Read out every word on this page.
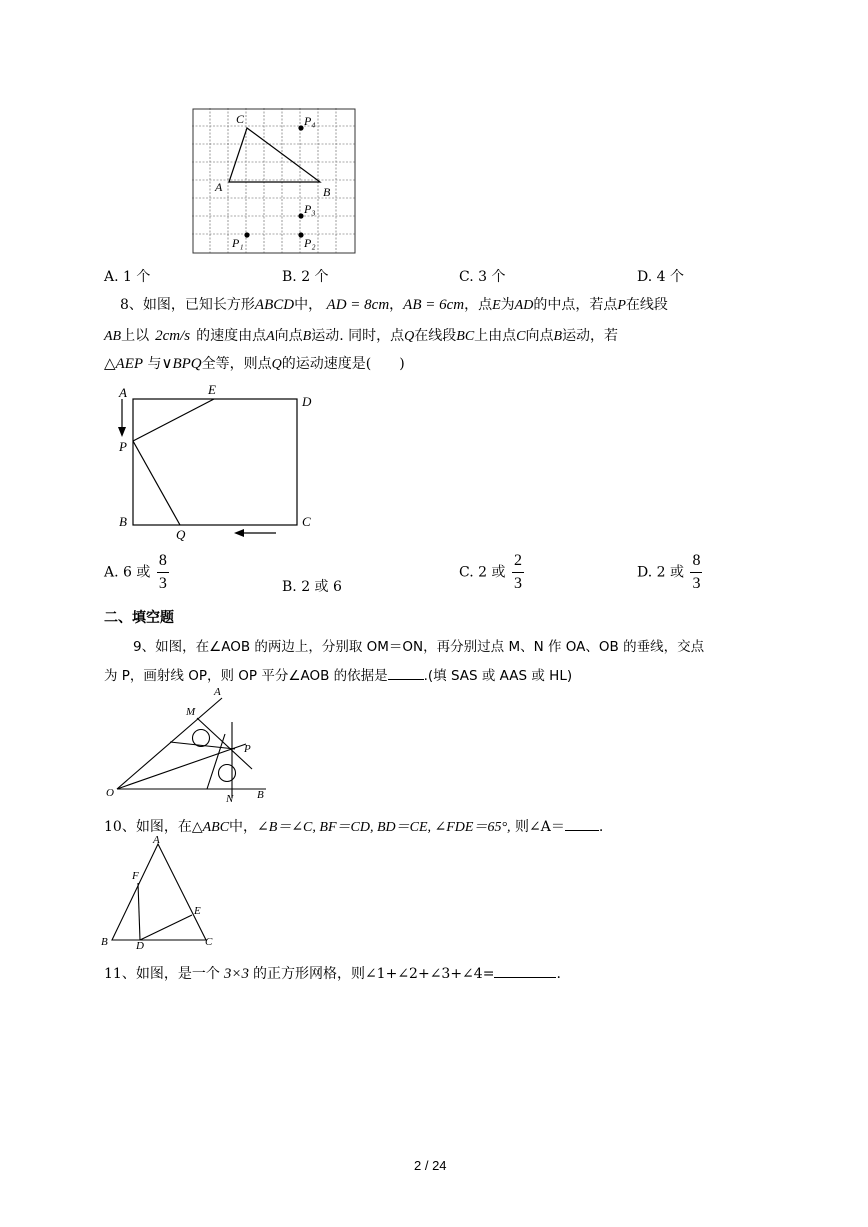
C
A	B
P₄
P₃
P₁	P₂
A. 1 个	B. 2 个	C. 3 个	D. 4 个
8、如图，已知长方形ABCD中， AD = 8cm，AB = 6cm，点E为AD的中点，若点P在线段
AB上以 2cm/s 的速度由点A向点B运动. 同时，点Q在线段BC上由点C向点B运动，若
△AEP 与∨BPQ全等，则点Q的运动速度是(　　)
A	E
D
P
B
Q
C
A. 6 或 $\frac{8}{3}$	B. 2 或 6
C. 2 或 $\frac{2}{3}$	D. 2 或 $\frac{8}{3}$
二、填空题
9、如图，在∠AOB 的两边上，分别取 OM＝ON，再分别过点 M、N 作 OA、OB 的垂线，交点
为 P，画射线 OP，则 OP 平分∠AOB 的依据是	.(填 SAS 或 AAS 或 HL)
A
M
P
O	N B
10、如图，在△ABC中，∠B＝∠C, BF＝CD, BD＝CE, ∠FDE＝65°, 则∠A＝ .
A
F
E
B	D	C
11、如图，是一个 3×3 的正方形网格，则∠1+∠2+∠3+∠4=	.
2 / 24
